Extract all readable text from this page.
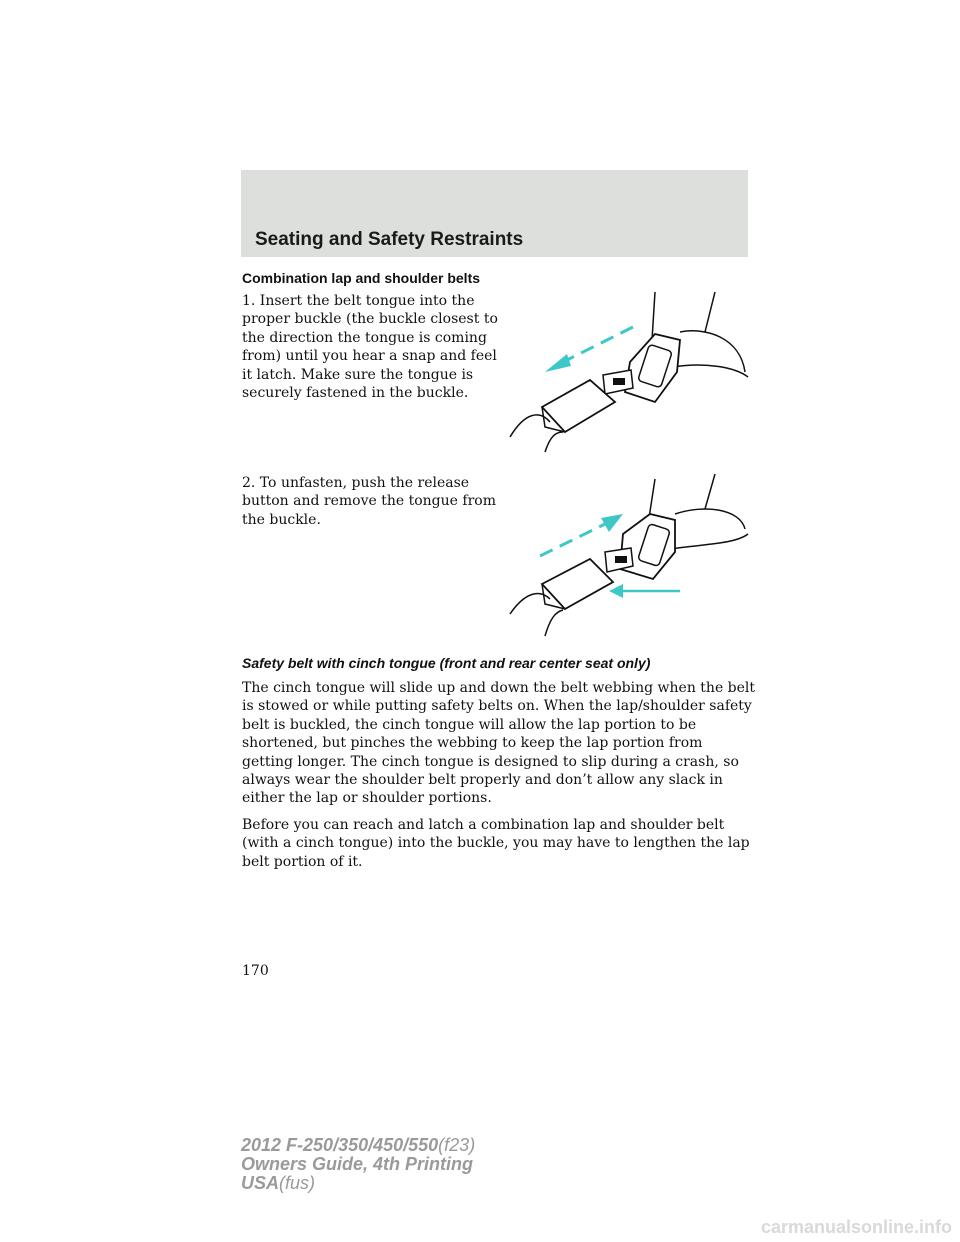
Seating and Safety Restraints
Combination lap and shoulder belts

1. Insert the belt tongue into the proper buckle (the buckle closest to the direction the tongue is coming from) until you hear a snap and feel it latch. Make sure the tongue is securely fastened in the buckle.

2. To unfasten, push the release button and remove the tongue from the buckle.

Safety belt with cinch tongue (front and rear center seat only)

The cinch tongue will slide up and down the belt webbing when the belt is stowed or while putting safety belts on. When the lap/shoulder safety belt is buckled, the cinch tongue will allow the lap portion to be shortened, but pinches the webbing to keep the lap portion from getting longer. The cinch tongue is designed to slip during a crash, so always wear the shoulder belt properly and don’t allow any slack in either the lap or shoulder portions.

Before you can reach and latch a combination lap and shoulder belt (with a cinch tongue) into the buckle, you may have to lengthen the lap belt portion of it.

170

2012 F-250/350/450/550(f23)
Owners Guide, 4th Printing
USA(fus)

carmanualsonline.info
